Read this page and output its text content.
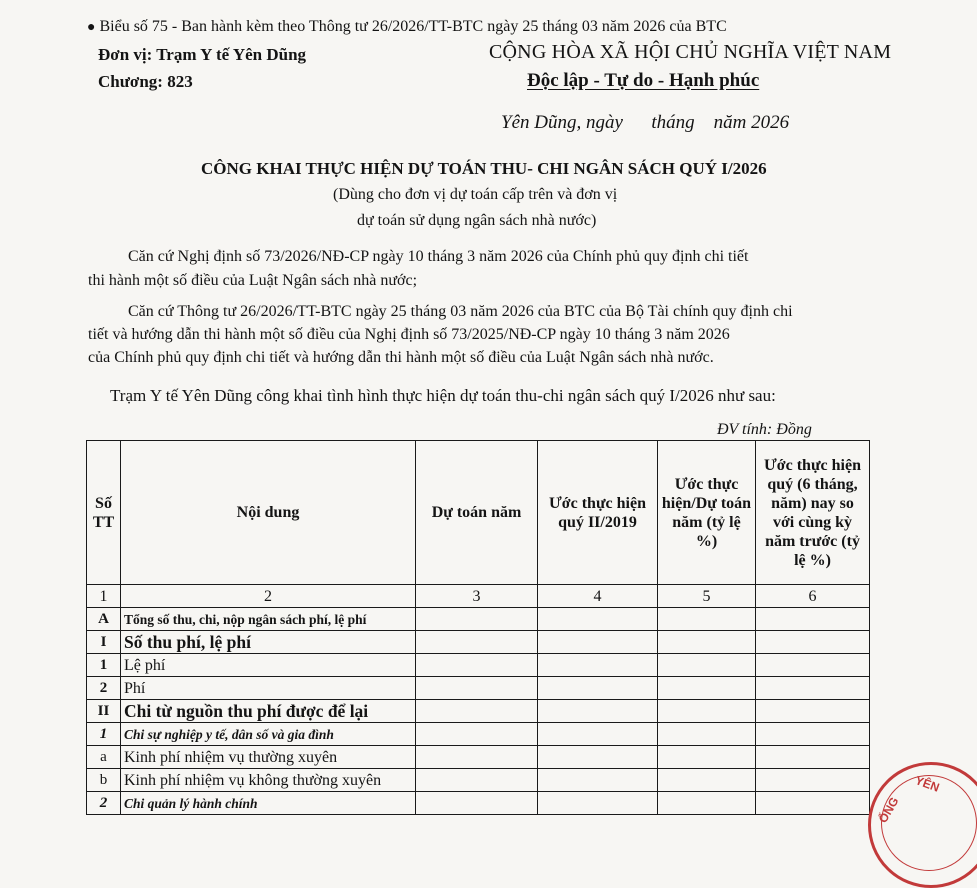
● Biểu số 75 - Ban hành kèm theo Thông tư 26/2026/TT-BTC ngày 25 tháng 03 năm 2026 của BTC
Đơn vị: Trạm Y tế Yên Dũng
Chương: 823
CỘNG HÒA XÃ HỘI CHỦ NGHĨA VIỆT NAM
Độc lập - Tự do - Hạnh phúc
Yên Dũng, ngày      tháng    năm 2026
CÔNG KHAI THỰC HIỆN DỰ TOÁN THU- CHI NGÂN SÁCH QUÝ I/2026
(Dùng cho đơn vị dự toán cấp trên và đơn vị
dự toán sử dụng ngân sách nhà nước)
Căn cứ Nghị định số 73/2026/NĐ-CP ngày 10 tháng 3 năm 2026 của Chính phủ quy định chi tiết
thi hành một số điều của Luật Ngân sách nhà nước;
Căn cứ Thông tư 26/2026/TT-BTC ngày 25 tháng 03 năm 2026 của BTC của Bộ Tài chính quy định chi
tiết và hướng dẫn thi hành một số điều của Nghị định số 73/2025/NĐ-CP ngày 10 tháng 3 năm 2026
của Chính phủ quy định chi tiết và hướng dẫn thi hành một số điều của Luật Ngân sách nhà nước.
Trạm Y tế Yên Dũng công khai tình hình thực hiện dự toán thu-chi ngân sách quý I/2026 như sau:
ĐV tính: Đồng
Số TT	Nội dung	Dự toán năm	Ước thực hiện quý II/2019	Ước thực hiện/Dự toán năm (tỷ lệ %)	Ước thực hiện quý (6 tháng, năm) nay so với cùng kỳ năm trước (tỷ lệ %)
1	2	3	4	5	6
A	Tổng số thu, chi, nộp ngân sách phí, lệ phí				
I	Số thu phí, lệ phí				
1	Lệ phí				
2	Phí				
II	Chi từ nguồn thu phí được để lại				
1	Chi sự nghiệp y tế, dân số và gia đình				
a	Kinh phí nhiệm vụ thường xuyên				
b	Kinh phí nhiệm vụ không thường xuyên				
2	Chi quản lý hành chính				
YÊN
ỔNG
